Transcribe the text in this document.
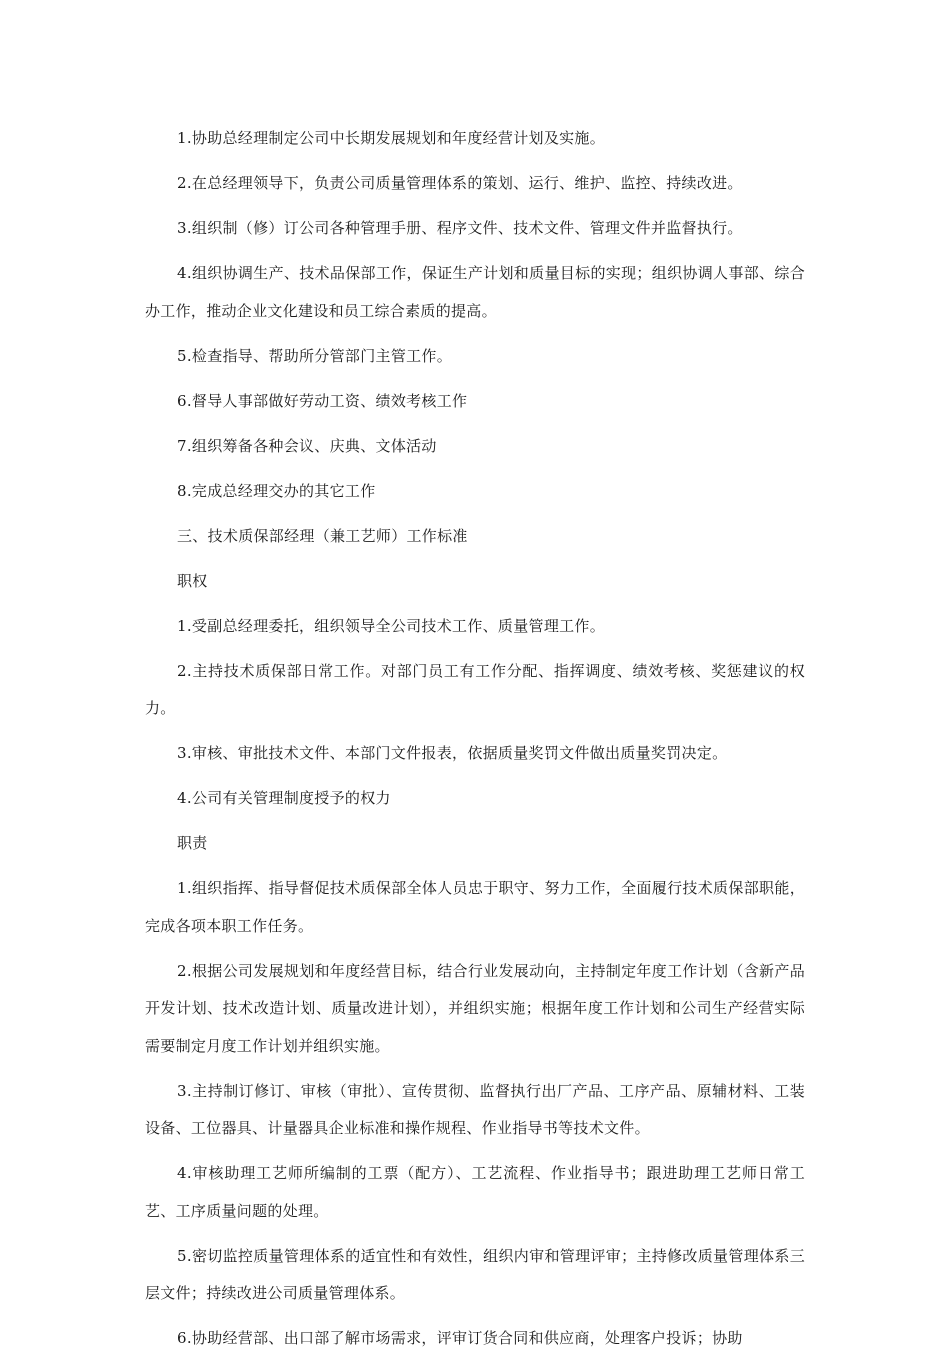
1.协助总经理制定公司中长期发展规划和年度经营计划及实施。

2.在总经理领导下，负责公司质量管理体系的策划、运行、维护、监控、持续改进。

3.组织制（修）订公司各种管理手册、程序文件、技术文件、管理文件并监督执行。

4.组织协调生产、技术品保部工作，保证生产计划和质量目标的实现；组织协调人事部、综合办工作，推动企业文化建设和员工综合素质的提高。

5.检查指导、帮助所分管部门主管工作。

6.督导人事部做好劳动工资、绩效考核工作

7.组织筹备各种会议、庆典、文体活动

8.完成总经理交办的其它工作

三、技术质保部经理（兼工艺师）工作标准

职权

1.受副总经理委托，组织领导全公司技术工作、质量管理工作。

2.主持技术质保部日常工作。对部门员工有工作分配、指挥调度、绩效考核、奖惩建议的权力。

3.审核、审批技术文件、本部门文件报表，依据质量奖罚文件做出质量奖罚决定。

4.公司有关管理制度授予的权力

职责

1.组织指挥、指导督促技术质保部全体人员忠于职守、努力工作，全面履行技术质保部职能，完成各项本职工作任务。

2.根据公司发展规划和年度经营目标，结合行业发展动向，主持制定年度工作计划（含新产品开发计划、技术改造计划、质量改进计划），并组织实施；根据年度工作计划和公司生产经营实际需要制定月度工作计划并组织实施。

3.主持制订修订、审核（审批）、宣传贯彻、监督执行出厂产品、工序产品、原辅材料、工装设备、工位器具、计量器具企业标准和操作规程、作业指导书等技术文件。

4.审核助理工艺师所编制的工票（配方）、工艺流程、作业指导书；跟进助理工艺师日常工艺、工序质量问题的处理。

5.密切监控质量管理体系的适宜性和有效性，组织内审和管理评审；主持修改质量管理体系三层文件；持续改进公司质量管理体系。

6.协助经营部、出口部了解市场需求，评审订货合同和供应商，处理客户投诉；协助
